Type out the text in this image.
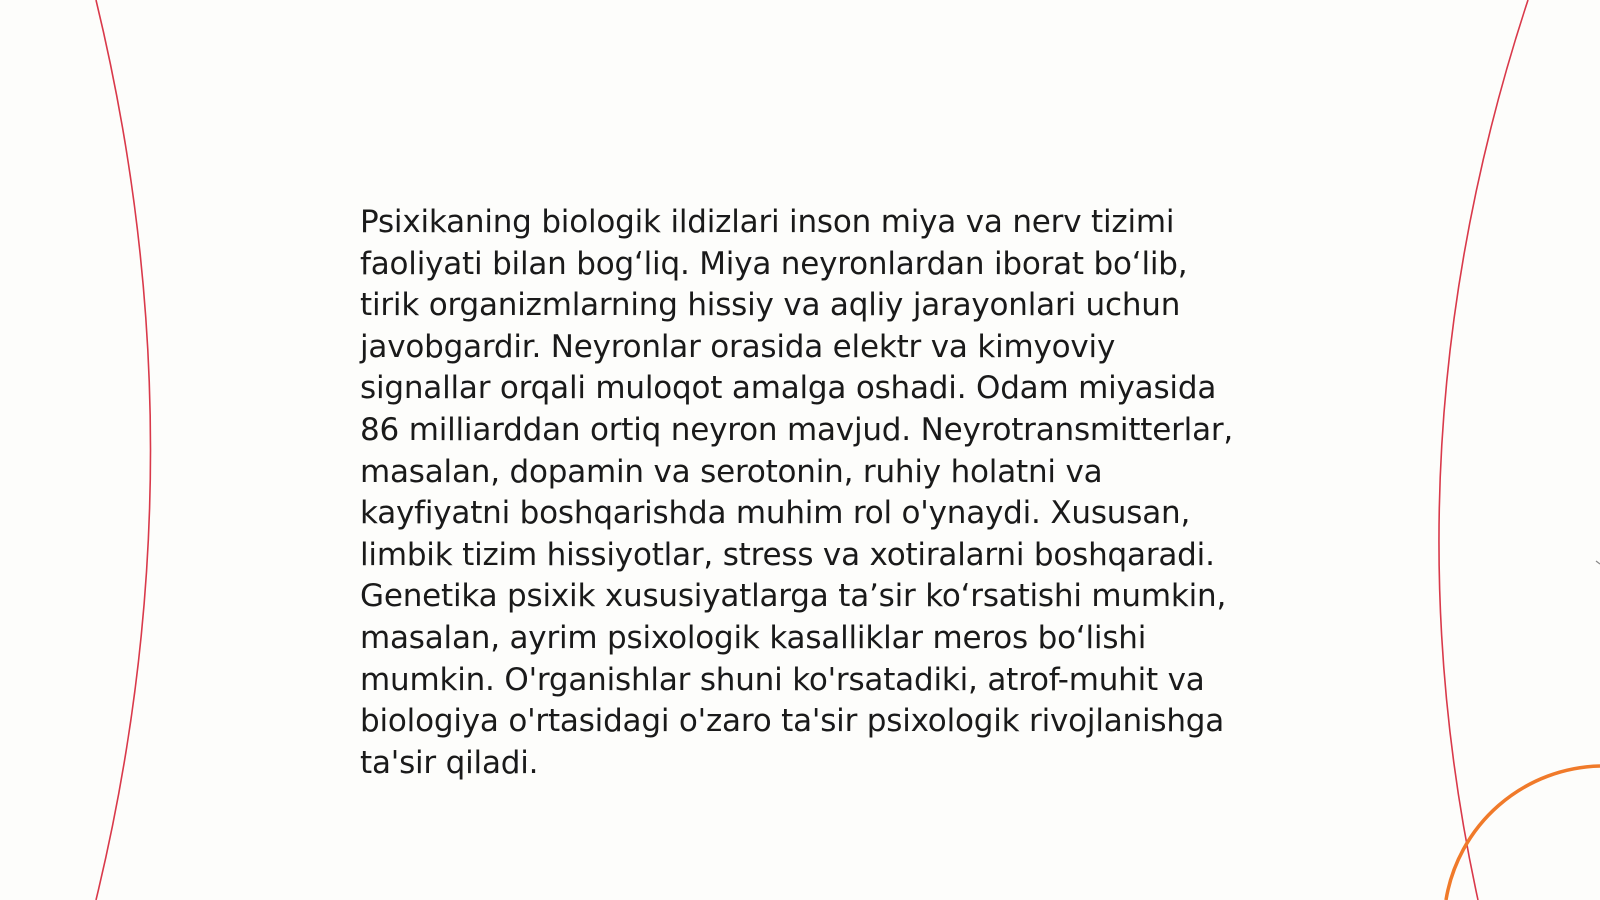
Psixikaning biologik ildizlari inson miya va nerv tizimi faoliyati bilan bog‘liq. Miya neyronlardan iborat bo‘lib, tirik organizmlarning hissiy va aqliy jarayonlari uchun javobgardir. Neyronlar orasida elektr va kimyoviy signallar orqali muloqot amalga oshadi. Odam miyasida 86 milliarddan ortiq neyron mavjud. Neyrotransmitterlar, masalan, dopamin va serotonin, ruhiy holatni va kayfiyatni boshqarishda muhim rol o'ynaydi. Xususan, limbik tizim hissiyotlar, stress va xotiralarni boshqaradi. Genetika psixik xususiyatlarga ta’sir ko‘rsatishi mumkin, masalan, ayrim psixologik kasalliklar meros bo‘lishi mumkin. O'rganishlar shuni ko'rsatadiki, atrof-muhit va biologiya o'rtasidagi o'zaro ta'sir psixologik rivojlanishga ta'sir qiladi.
